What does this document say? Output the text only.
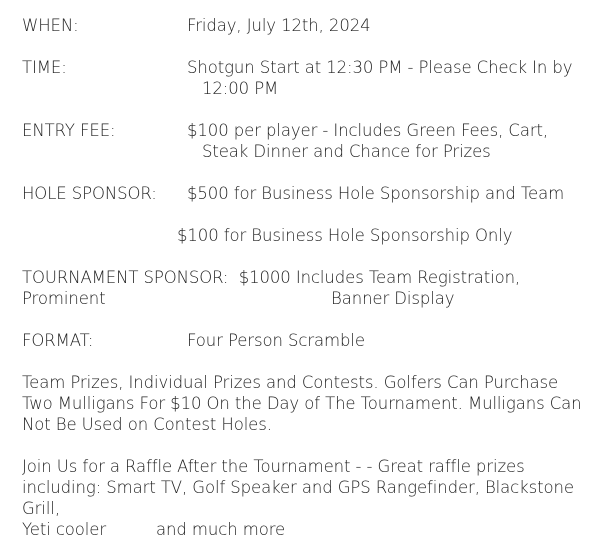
WHEN:	Friday, July 12th, 2024
TIME:	Shotgun Start at 12:30 PM - Please Check In by 12:00 PM
ENTRY FEE:	$100 per player - Includes Green Fees, Cart, Steak Dinner and Chance for Prizes
HOLE SPONSOR: $500 for Business Hole Sponsorship and Team
$100 for Business Hole Sponsorship Only
TOURNAMENT SPONSOR: $1000 Includes Team Registration,
Prominent	Banner Display
FORMAT:	Four Person Scramble
Team Prizes, Individual Prizes and Contests. Golfers Can Purchase Two Mulligans For $10 On the Day of The Tournament. Mulligans Can Not Be Used on Contest Holes.
Join Us for a Raffle After the Tournament - - Great raffle prizes including: Smart TV, Golf Speaker and GPS Rangefinder, Blackstone Grill,
Yeti cooler	and much more
